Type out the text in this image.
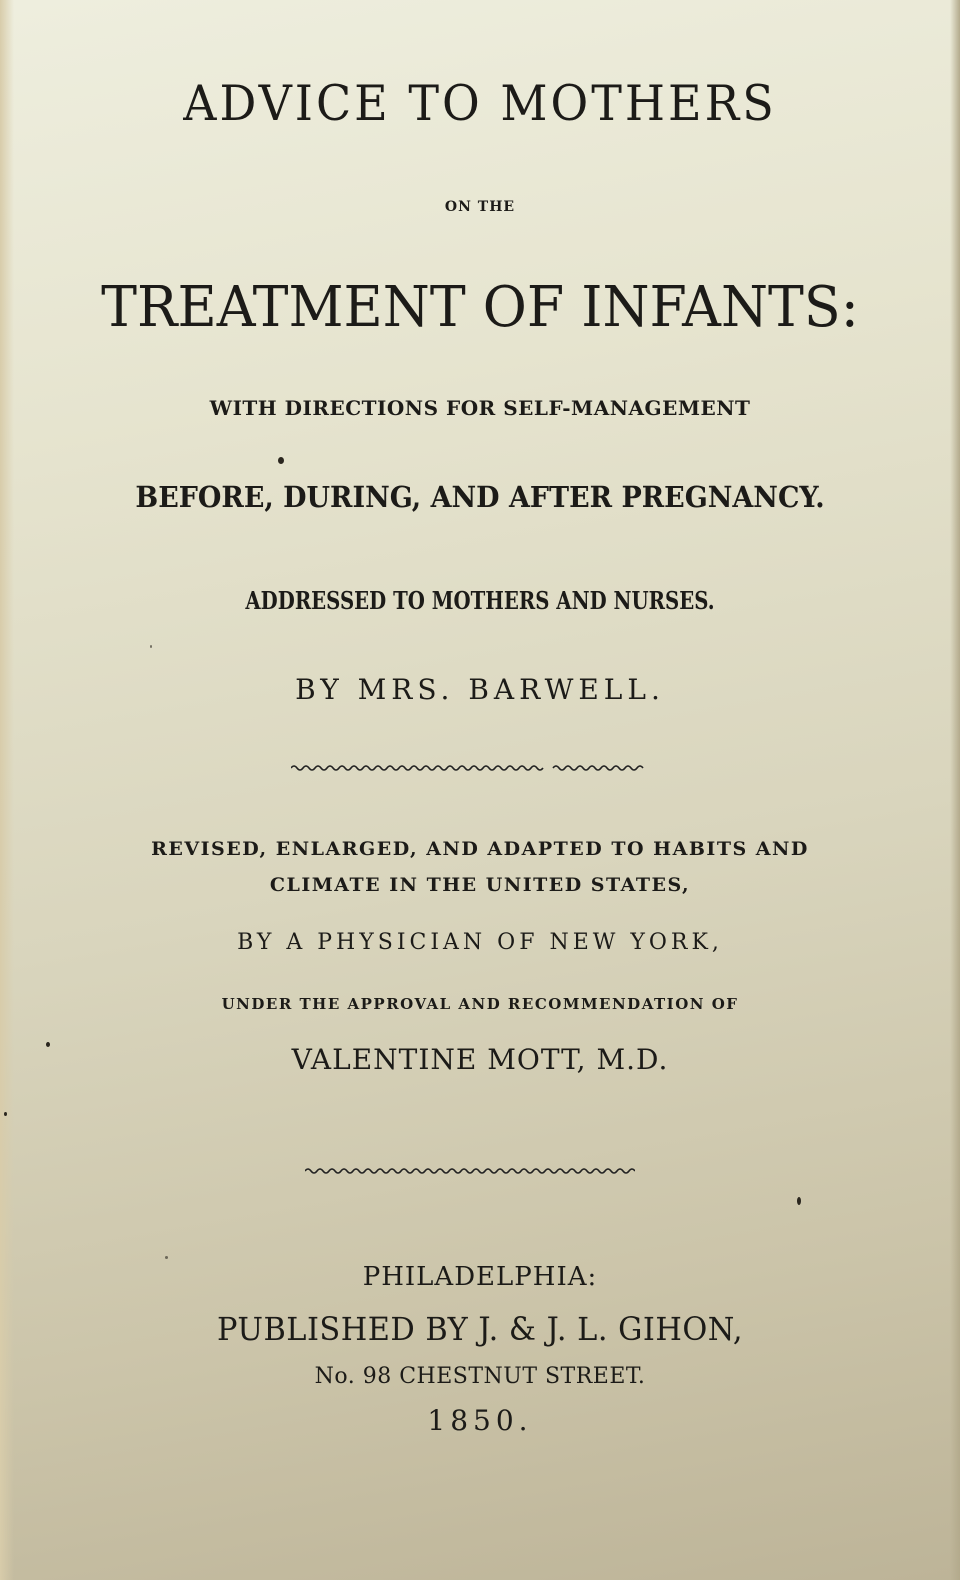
ADVICE TO MOTHERS
ON THE
TREATMENT OF INFANTS:
WITH DIRECTIONS FOR SELF-MANAGEMENT
BEFORE, DURING, AND AFTER PREGNANCY.
ADDRESSED TO MOTHERS AND NURSES.
BY MRS. BARWELL.
REVISED, ENLARGED, AND ADAPTED TO HABITS AND
CLIMATE IN THE UNITED STATES,
BY A PHYSICIAN OF NEW YORK,
UNDER THE APPROVAL AND RECOMMENDATION OF
VALENTINE MOTT, M.D.
PHILADELPHIA:
PUBLISHED BY J. & J. L. GIHON,
No. 98 CHESTNUT STREET.
1850.
